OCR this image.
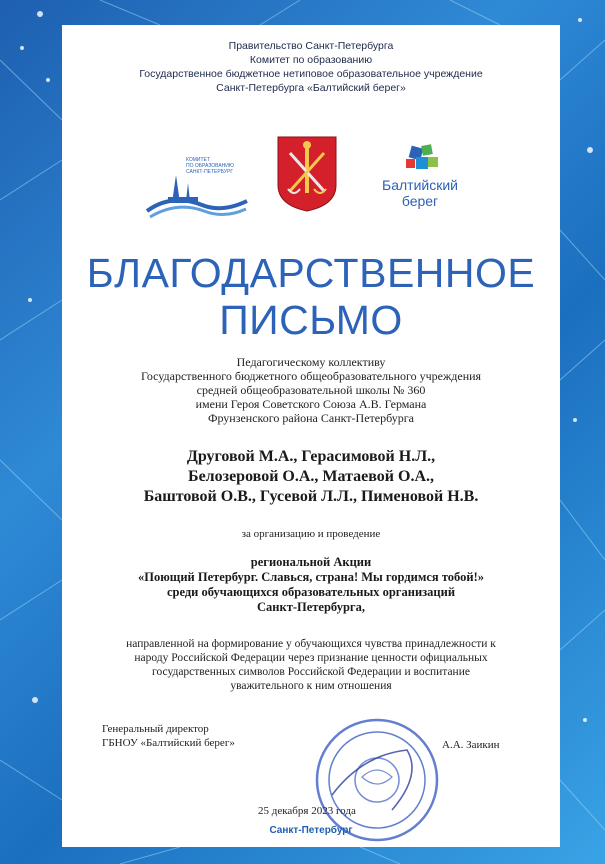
Правительство Санкт-Петербурга
Комитет по образованию
Государственное бюджетное нетиповое образовательное учреждение
Санкт-Петербурга «Балтийский берег»
КОМИТЕТ
ПО ОБРАЗОВАНИЮ
САНКТ-ПЕТЕРБУРГ
Балтийский
берег
БЛАГОДАРСТВЕННОЕ
ПИСЬМО
Педагогическому коллективу
Государственного бюджетного общеобразовательного учреждения
средней общеобразовательной школы № 360
имени Героя Советского Союза А.В. Германа
Фрунзенского района Санкт-Петербурга
Друговой М.А., Герасимовой Н.Л.,
Белозеровой О.А., Матаевой О.А.,
Баштовой О.В., Гусевой Л.Л., Пименовой Н.В.
за организацию и проведение
региональной Акции
«Поющий Петербург. Славься, страна! Мы гордимся тобой!»
среди обучающихся образовательных организаций
Санкт-Петербурга,
направленной на формирование у обучающихся чувства принадлежности к
народу Российской Федерации через признание ценности официальных
государственных символов Российской Федерации и воспитание
уважительного к ним отношения
Генеральный директор
ГБНОУ «Балтийский берег»	А.А. Заикин
25 декабря 2023 года
Санкт-Петербург
